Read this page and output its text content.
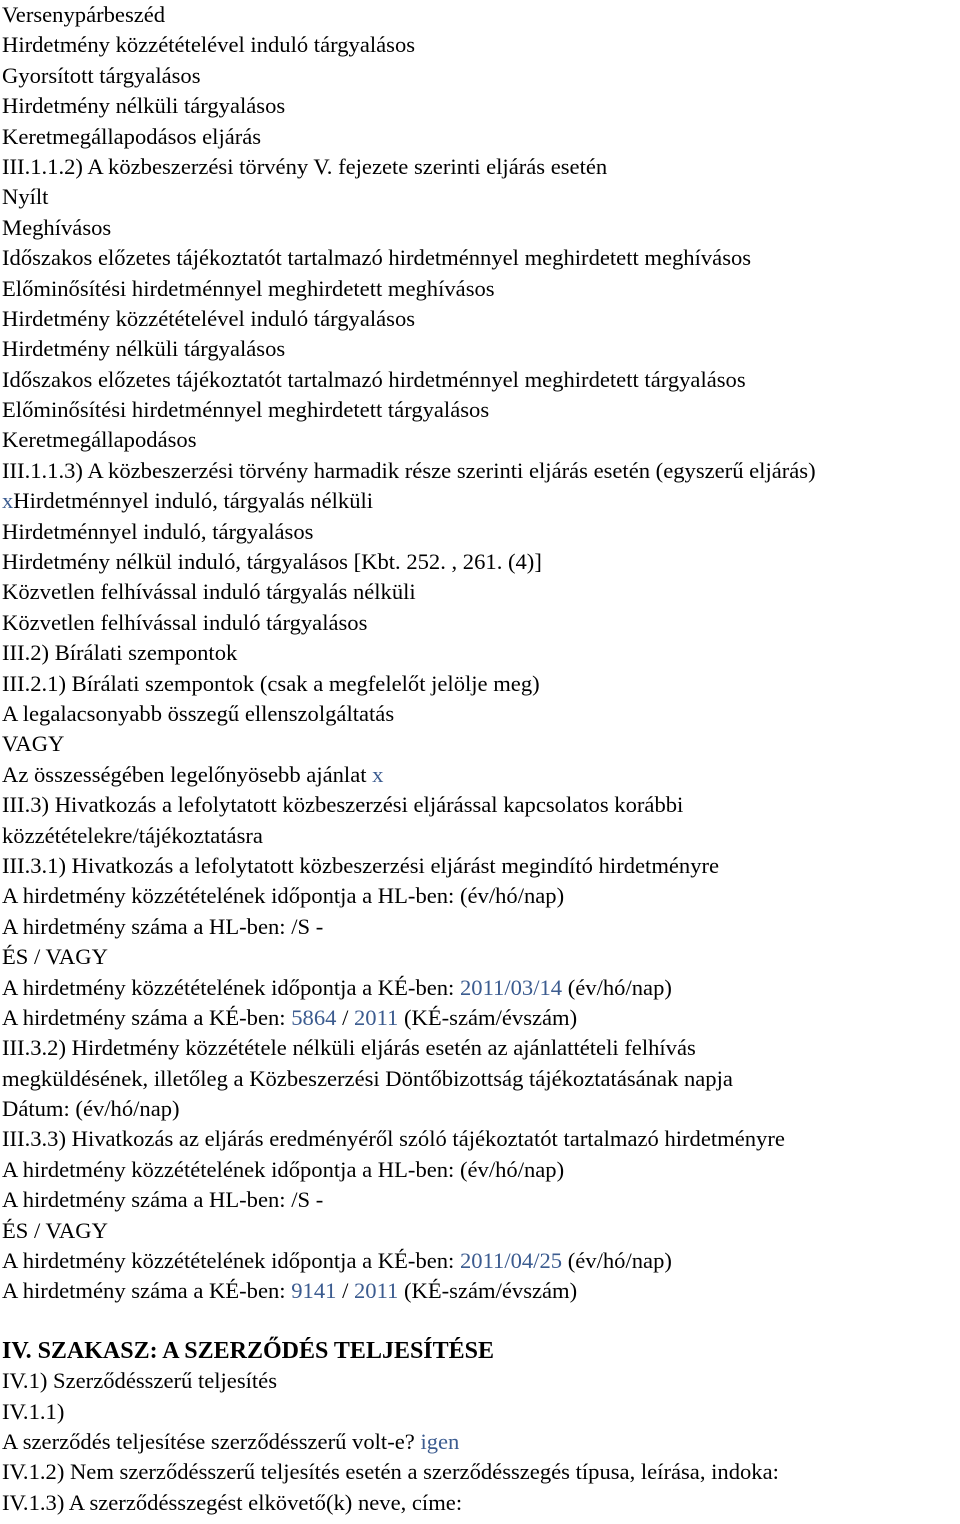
Versenypárbeszéd
Hirdetmény közzétételével induló tárgyalásos
Gyorsított tárgyalásos
Hirdetmény nélküli tárgyalásos
Keretmegállapodásos eljárás
III.1.1.2) A közbeszerzési törvény V. fejezete szerinti eljárás esetén
Nyílt
Meghívásos
Időszakos előzetes tájékoztatót tartalmazó hirdetménnyel meghirdetett meghívásos
Előminősítési hirdetménnyel meghirdetett meghívásos
Hirdetmény közzétételével induló tárgyalásos
Hirdetmény nélküli tárgyalásos
Időszakos előzetes tájékoztatót tartalmazó hirdetménnyel meghirdetett tárgyalásos
Előminősítési hirdetménnyel meghirdetett tárgyalásos
Keretmegállapodásos
III.1.1.3) A közbeszerzési törvény harmadik része szerinti eljárás esetén (egyszerű eljárás)
xHirdetménnyel induló, tárgyalás nélküli
Hirdetménnyel induló, tárgyalásos
Hirdetmény nélkül induló, tárgyalásos [Kbt. 252. , 261. (4)]
Közvetlen felhívással induló tárgyalás nélküli
Közvetlen felhívással induló tárgyalásos
III.2) Bírálati szempontok
III.2.1) Bírálati szempontok (csak a megfelelőt jelölje meg)
A legalacsonyabb összegű ellenszolgáltatás
VAGY
Az összességében legelőnyösebb ajánlat x
III.3) Hivatkozás a lefolytatott közbeszerzési eljárással kapcsolatos korábbi
közzétételekre/tájékoztatásra
III.3.1) Hivatkozás a lefolytatott közbeszerzési eljárást megindító hirdetményre
A hirdetmény közzétételének időpontja a HL-ben: (év/hó/nap)
A hirdetmény száma a HL-ben: /S -
ÉS / VAGY
A hirdetmény közzétételének időpontja a KÉ-ben: 2011/03/14 (év/hó/nap)
A hirdetmény száma a KÉ-ben: 5864 / 2011 (KÉ-szám/évszám)
III.3.2) Hirdetmény közzététele nélküli eljárás esetén az ajánlattételi felhívás
megküldésének, illetőleg a Közbeszerzési Döntőbizottság tájékoztatásának napja
Dátum: (év/hó/nap)
III.3.3) Hivatkozás az eljárás eredményéről szóló tájékoztatót tartalmazó hirdetményre
A hirdetmény közzétételének időpontja a HL-ben: (év/hó/nap)
A hirdetmény száma a HL-ben: /S -
ÉS / VAGY
A hirdetmény közzétételének időpontja a KÉ-ben: 2011/04/25 (év/hó/nap)
A hirdetmény száma a KÉ-ben: 9141 / 2011 (KÉ-szám/évszám)
IV. SZAKASZ: A SZERZŐDÉS TELJESÍTÉSE
IV.1) Szerződésszerű teljesítés
IV.1.1)
A szerződés teljesítése szerződésszerű volt-e? igen
IV.1.2) Nem szerződésszerű teljesítés esetén a szerződésszegés típusa, leírása, indoka:
IV.1.3) A szerződésszegést elkövető(k) neve, címe:
